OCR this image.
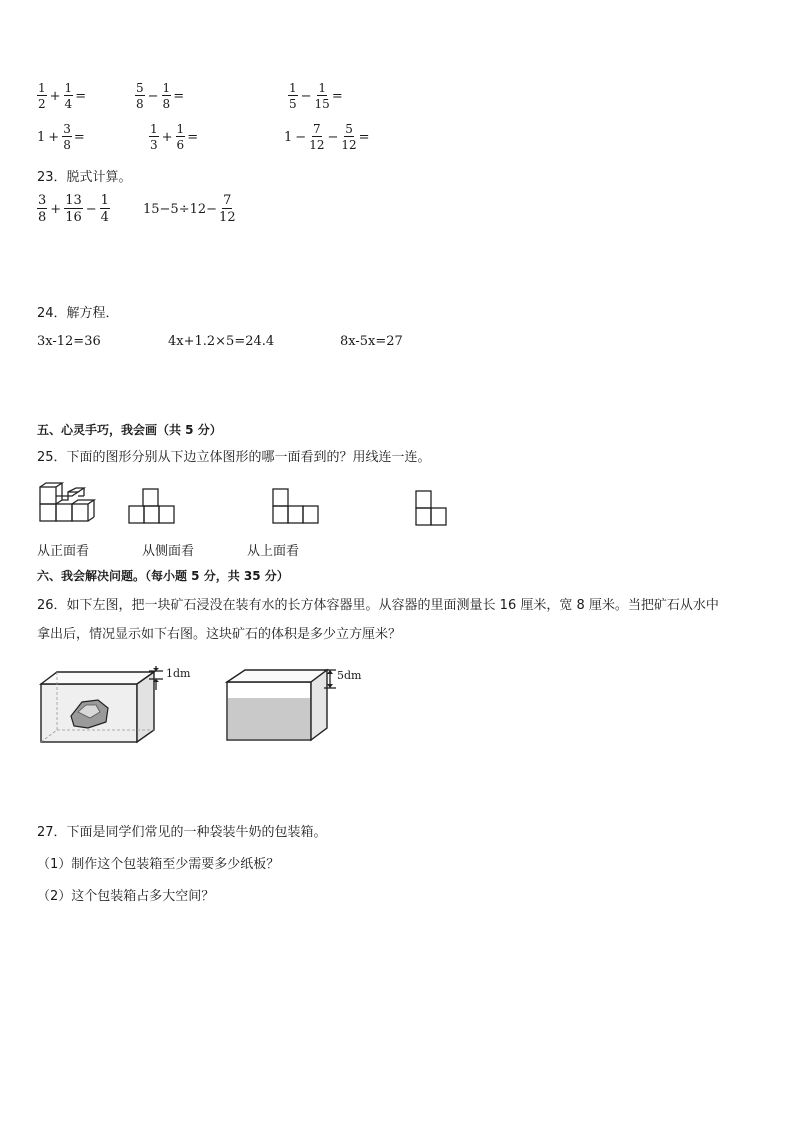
$\frac{1}{2} + \frac{1}{4}$ =	$\frac{5}{8} - \frac{1}{8}$ =	$\frac{1}{5} - \frac{1}{15}$ =
$1 + \frac{3}{8}$ =	$\frac{1}{3} + \frac{1}{6}$ =	$1 - \frac{7}{12} - \frac{5}{12}$ =
23．脱式计算。
$\frac{3}{8} + \frac{13}{16} - \frac{1}{4}$	$15-5\div 12- \frac{7}{12}$
24．解方程．
3x-12=36	4x+1.2×5=24.4	8x-5x=27
五、心灵手巧，我会画（共 5 分）
25．下面的图形分别从下边立体图形的哪一面看到的？用线连一连。
从正面看	从侧面看	从上面看
六、我会解决问题。（每小题 5 分，共 35 分）
26．如下左图，把一块矿石浸没在装有水的长方体容器里。从容器的里面测量长 16 厘米，宽 8 厘米。当把矿石从水中
拿出后，情况显示如下右图。这块矿石的体积是多少立方厘米？
1dm	5dm
27．下面是同学们常见的一种袋装牛奶的包装箱。
（1）制作这个包装箱至少需要多少纸板？
（2）这个包装箱占多大空间？
